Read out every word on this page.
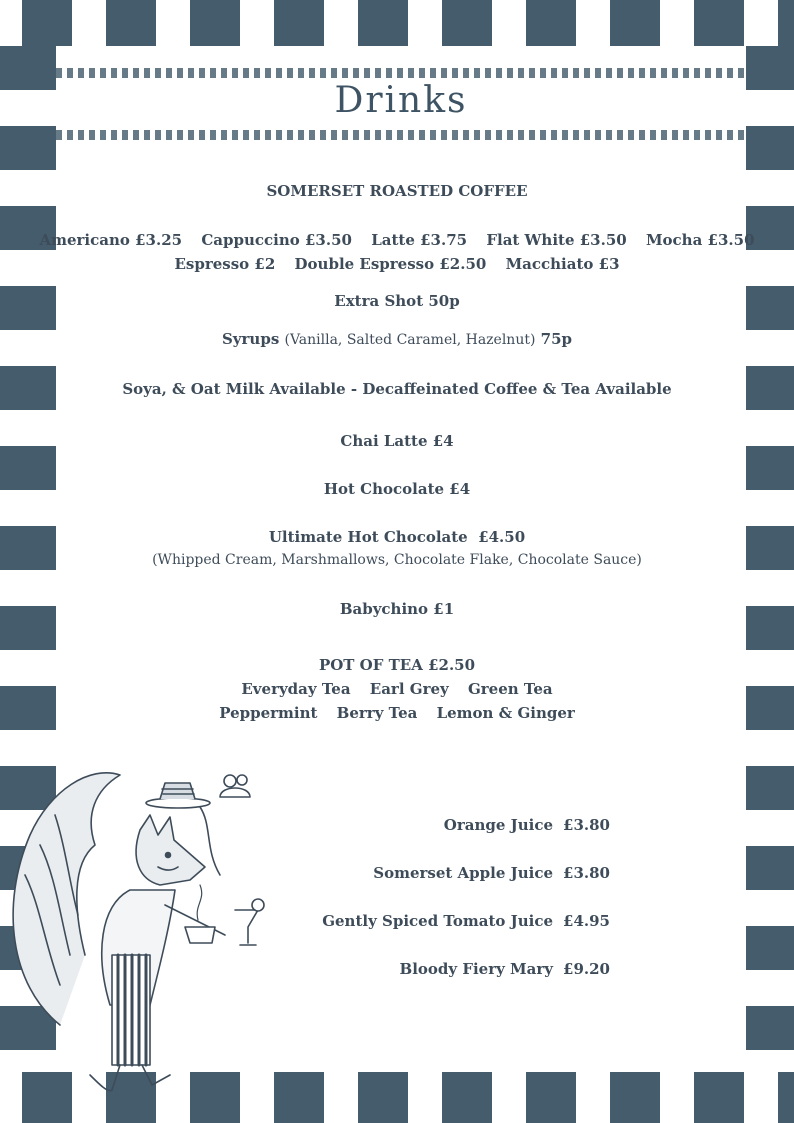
Drinks
SOMERSET ROASTED COFFEE
Americano £3.25 Cappuccino £3.50 Latte £3.75 Flat White £3.50 Mocha £3.50
Espresso £2 Double Espresso £2.50 Macchiato £3
Extra Shot 50p
Syrups (Vanilla, Salted Caramel, Hazelnut) 75p
Soya, & Oat Milk Available - Decaffeinated Coffee & Tea Available
Chai Latte £4
Hot Chocolate £4
Ultimate Hot Chocolate £4.50
(Whipped Cream, Marshmallows, Chocolate Flake, Chocolate Sauce)
Babychino £1
POT OF TEA £2.50
Everyday Tea Earl Grey Green Tea
Peppermint Berry Tea Lemon & Ginger
Orange Juice £3.80
Somerset Apple Juice £3.80
Gently Spiced Tomato Juice £4.95
Bloody Fiery Mary £9.20
